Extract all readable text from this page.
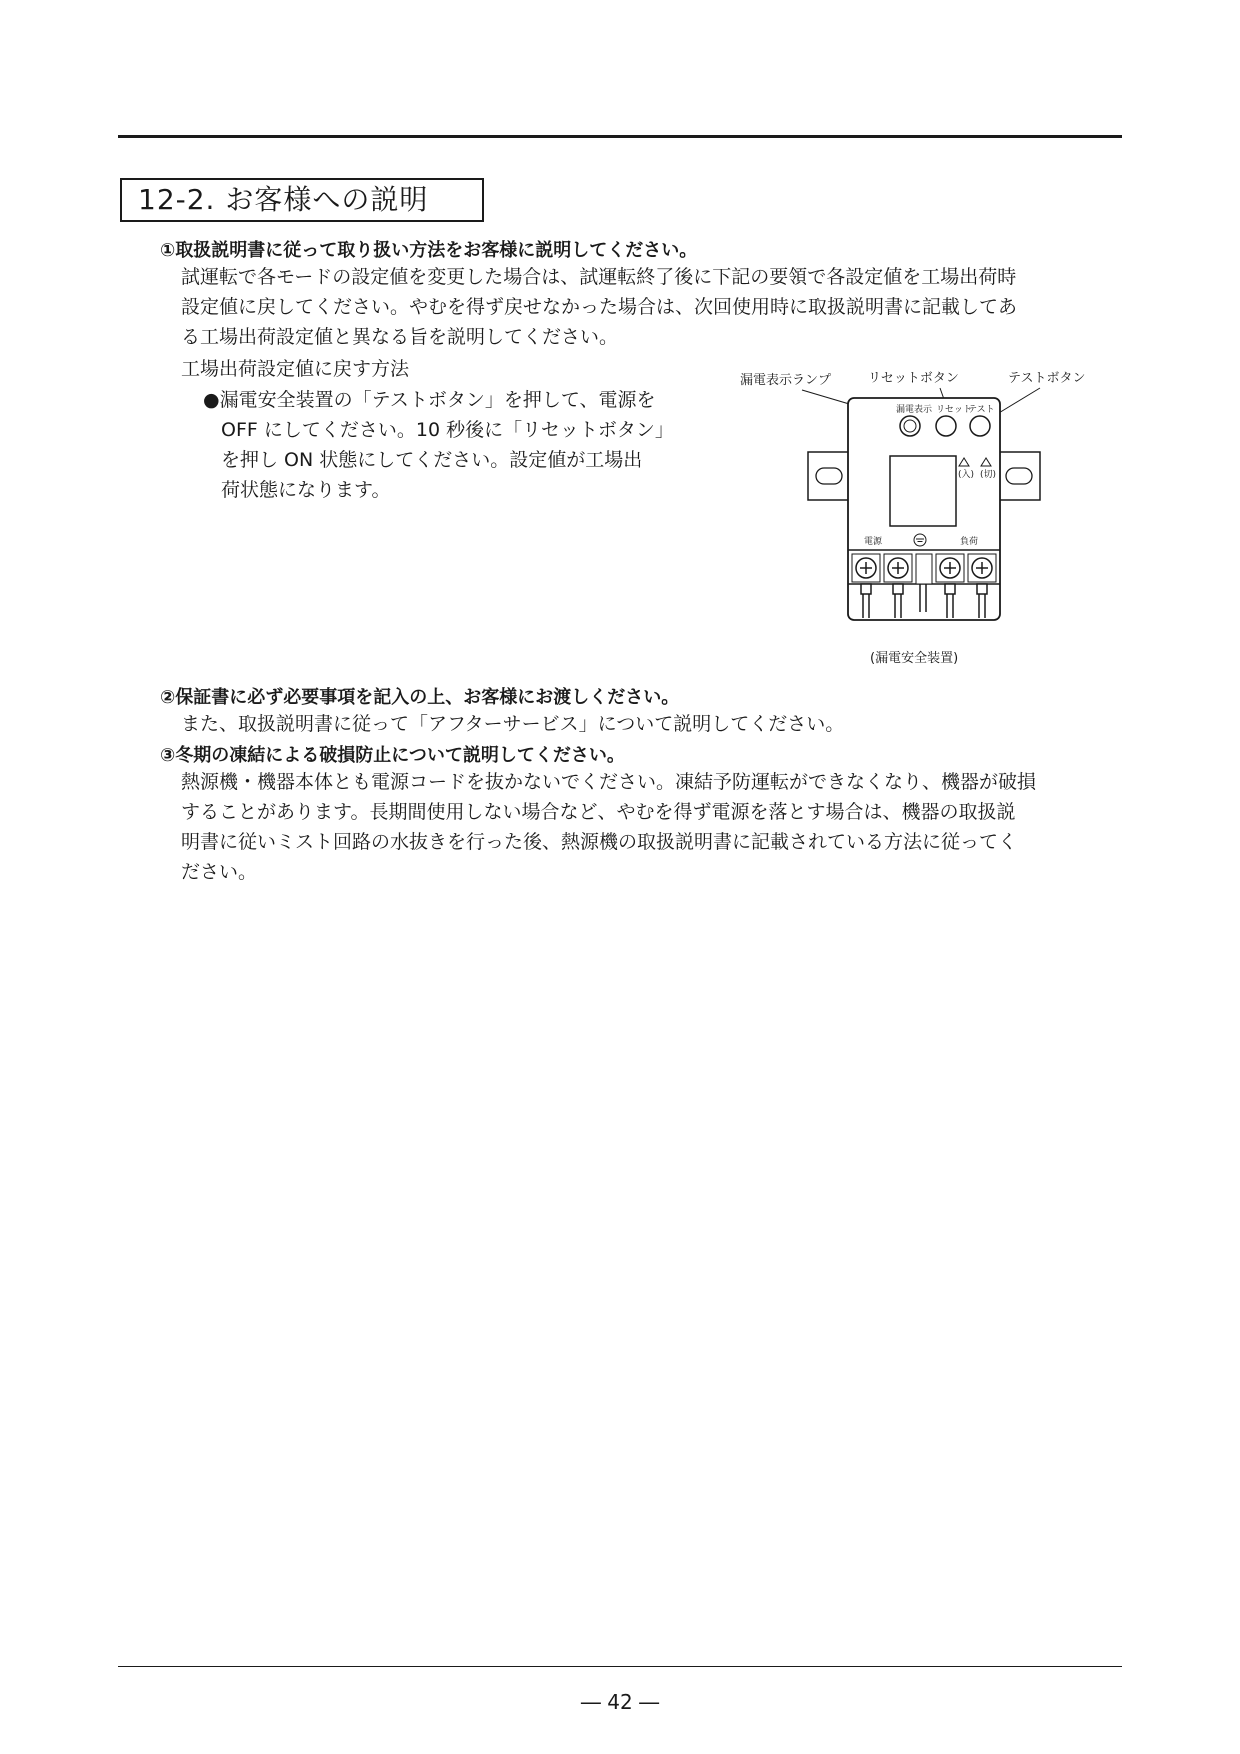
12-2. お客様への説明
①取扱説明書に従って取り扱い方法をお客様に説明してください。

試運転で各モードの設定値を変更した場合は、試運転終了後に下記の要領で各設定値を工場出荷時

設定値に戻してください。やむを得ず戻せなかった場合は、次回使用時に取扱説明書に記載してあ

る工場出荷設定値と異なる旨を説明してください。

工場出荷設定値に戻す方法

●漏電安全装置の「テストボタン」を押して、電源を

OFF にしてください。10 秒後に「リセットボタン」

を押し ON 状態にしてください。設定値が工場出

荷状態になります。

漏電表示ランプ	リセットボタン	テストボタン
漏電表示 リセット
テスト
(入) (切)
電源	負荷
(漏電安全装置)
②保証書に必ず必要事項を記入の上、お客様にお渡しください。

また、取扱説明書に従って「アフターサービス」について説明してください。

③冬期の凍結による破損防止について説明してください。

熱源機・機器本体とも電源コードを抜かないでください。凍結予防運転ができなくなり、機器が破損

することがあります。長期間使用しない場合など、やむを得ず電源を落とす場合は、機器の取扱説

明書に従いミスト回路の水抜きを行った後、熱源機の取扱説明書に記載されている方法に従ってく

ださい。

― 42 ―
